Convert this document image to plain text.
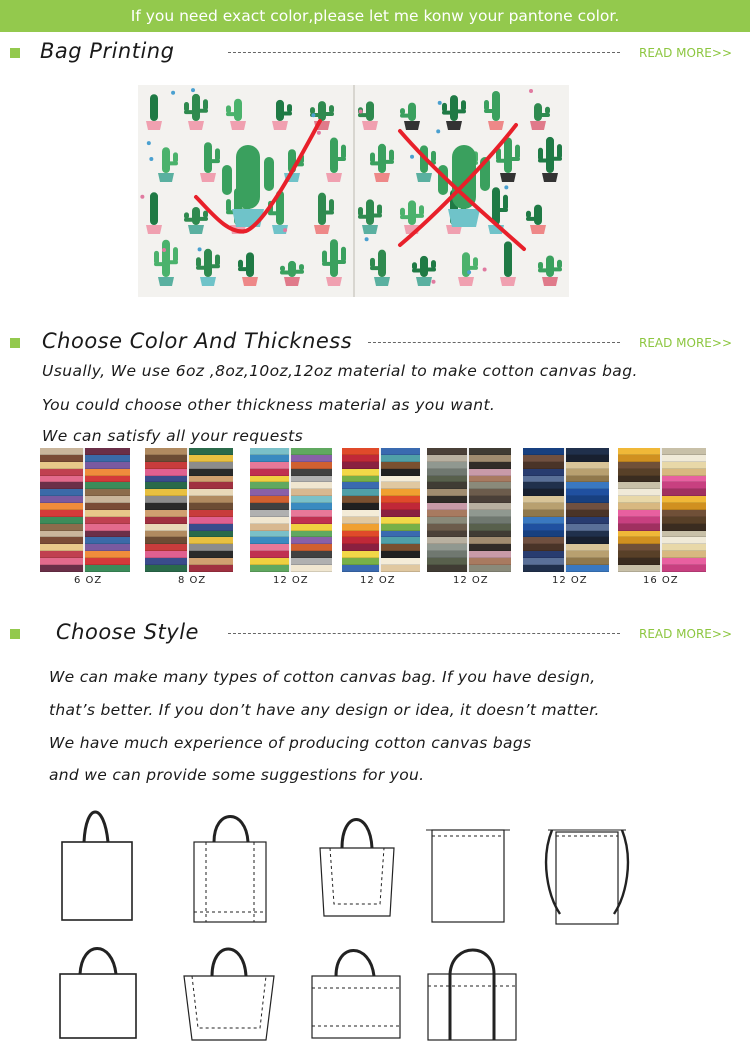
If you need exact color,please let me konw your pantone color.
Bag Printing	READ MORE>>
Choose Color And Thickness	READ MORE>>
Usually, We use 6oz ,8oz,10oz,12oz material to make cotton canvas bag.
You could choose other thickness material as you want.
We can satisfy all your requests
6 OZ	8 OZ	12 OZ	12 OZ	12 OZ	12 OZ	16 OZ
Choose Style	READ MORE>>
We can make many types of cotton canvas bag. If you have design,
that’s better. If you don’t have any design or idea, it doesn’t matter.
We have much experience of producing cotton canvas bags
and we can provide some suggestions for you.
